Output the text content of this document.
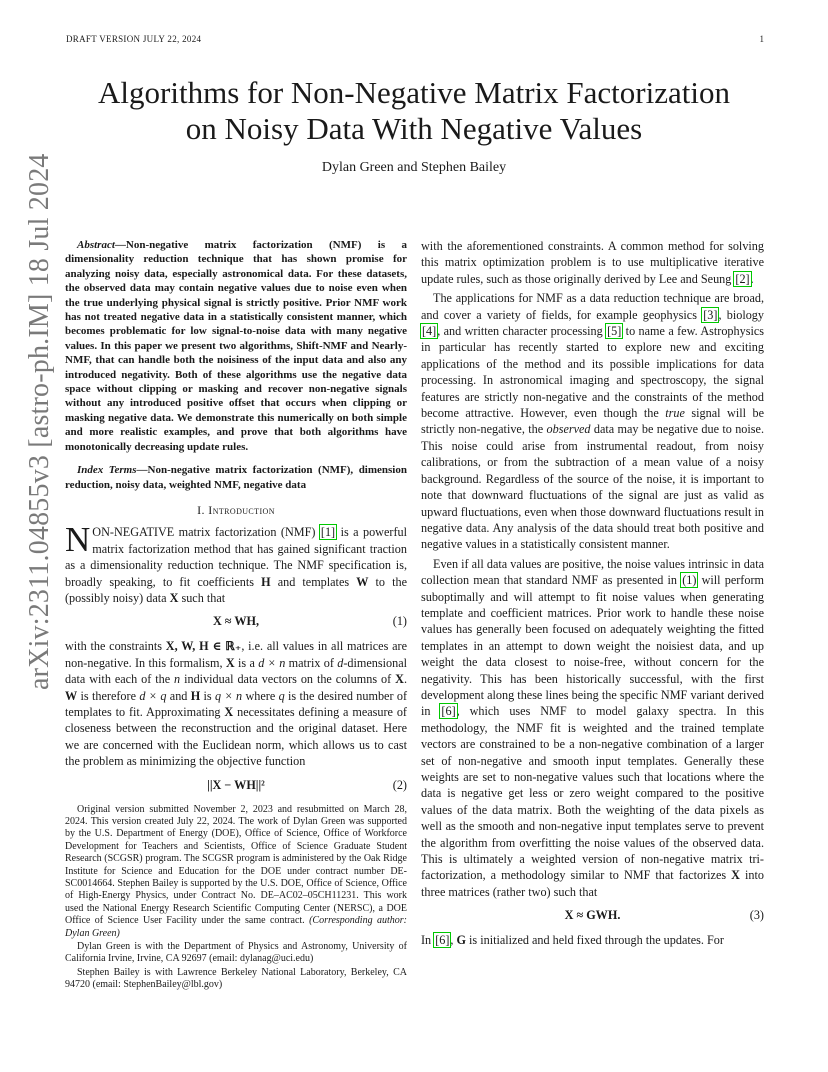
DRAFT VERSION JULY 22, 2024	1
arXiv:2311.04855v3 [astro-ph.IM] 18 Jul 2024
Algorithms for Non-Negative Matrix Factorization
on Noisy Data With Negative Values
Dylan Green and Stephen Bailey

Abstract—Non-negative matrix factorization (NMF) is a dimensionality reduction technique that has shown promise for analyzing noisy data, especially astronomical data. For these datasets, the observed data may contain negative values due to noise even when the true underlying physical signal is strictly positive. Prior NMF work has not treated negative data in a statistically consistent manner, which becomes problematic for low signal-to-noise data with many negative values. In this paper we present two algorithms, Shift-NMF and Nearly-NMF, that can handle both the noisiness of the input data and also any introduced negativity. Both of these algorithms use the negative data space without clipping or masking and recover non-negative signals without any introduced positive offset that occurs when clipping or masking negative data. We demonstrate this numerically on both simple and more realistic examples, and prove that both algorithms have monotonically decreasing update rules.

Index Terms—Non-negative matrix factorization (NMF), dimension reduction, noisy data, weighted NMF, negative data

I. Introduction

NON-NEGATIVE matrix factorization (NMF) [1] is a powerful matrix factorization method that has gained significant traction as a dimensionality reduction technique. The NMF specification is, broadly speaking, to fit coefficients H and templates W to the (possibly noisy) data X such that

X ≈ WH,	(1)

with the constraints X, W, H ∈ ℝ₊, i.e. all values in all matrices are non-negative. In this formalism, X is a d × n matrix of d-dimensional data with each of the n individual data vectors on the columns of X. W is therefore d × q and H is q × n where q is the desired number of templates to fit. Approximating X necessitates defining a measure of closeness between the reconstruction and the original dataset. Here we are concerned with the Euclidean norm, which allows us to cast the problem as minimizing the objective function

||X − WH||²	(2)

Original version submitted November 2, 2023 and resubmitted on March 28, 2024. This version created July 22, 2024. The work of Dylan Green was supported by the U.S. Department of Energy (DOE), Office of Science, Office of Workforce Development for Teachers and Scientists, Office of Science Graduate Student Research (SCGSR) program. The SCGSR program is administered by the Oak Ridge Institute for Science and Education for the DOE under contract number DE-SC0014664. Stephen Bailey is supported by the U.S. DOE, Office of Science, Office of High-Energy Physics, under Contract No. DE–AC02–05CH11231. This work used the National Energy Research Scientific Computing Center (NERSC), a DOE Office of Science User Facility under the same contract. (Corresponding author: Dylan Green)

Dylan Green is with the Department of Physics and Astronomy, University of California Irvine, Irvine, CA 92697 (email: dylanag@uci.edu)

Stephen Bailey is with Lawrence Berkeley National Laboratory, Berkeley, CA 94720 (email: StephenBailey@lbl.gov)

with the aforementioned constraints. A common method for solving this matrix optimization problem is to use multiplicative iterative update rules, such as those originally derived by Lee and Seung [2].

The applications for NMF as a data reduction technique are broad, and cover a variety of fields, for example geophysics [3], biology [4], and written character processing [5] to name a few. Astrophysics in particular has recently started to explore new and exciting applications of the method and its possible implications for data processing. In astronomical imaging and spectroscopy, the signal features are strictly non-negative and the constraints of the method become attractive. However, even though the true signal will be strictly non-negative, the observed data may be negative due to noise. This noise could arise from instrumental readout, from noisy calibrations, or from the subtraction of a mean value of a noisy background. Regardless of the source of the noise, it is important to note that downward fluctuations of the signal are just as valid as upward fluctuations, even when those downward fluctuations result in negative data. Any analysis of the data should treat both positive and negative values in a statistically consistent manner.

Even if all data values are positive, the noise values intrinsic in data collection mean that standard NMF as presented in (1) will perform suboptimally and will attempt to fit noise values when generating template and coefficient matrices. Prior work to handle these noise values has generally been focused on adequately weighting the fitted templates in an attempt to down weight the noisiest data, and up weight the data closest to noise-free, without concern for the negativity. This has been historically successful, with the first development along these lines being the specific NMF variant derived in [6], which uses NMF to model galaxy spectra. In this methodology, the NMF fit is weighted and the trained template vectors are constrained to be a non-negative combination of a larger set of non-negative and smooth input templates. Generally these weights are set to non-negative values such that locations where the data is negative get less or zero weight compared to the positive values of the data matrix. Both the weighting of the data pixels as well as the smooth and non-negative input templates serve to prevent the algorithm from overfitting the noise values of the observed data. This is ultimately a weighted version of non-negative matrix tri-factorization, a methodology similar to NMF that factorizes X into three matrices (rather two) such that

X ≈ GWH.	(3)

In [6], G is initialized and held fixed through the updates. For
